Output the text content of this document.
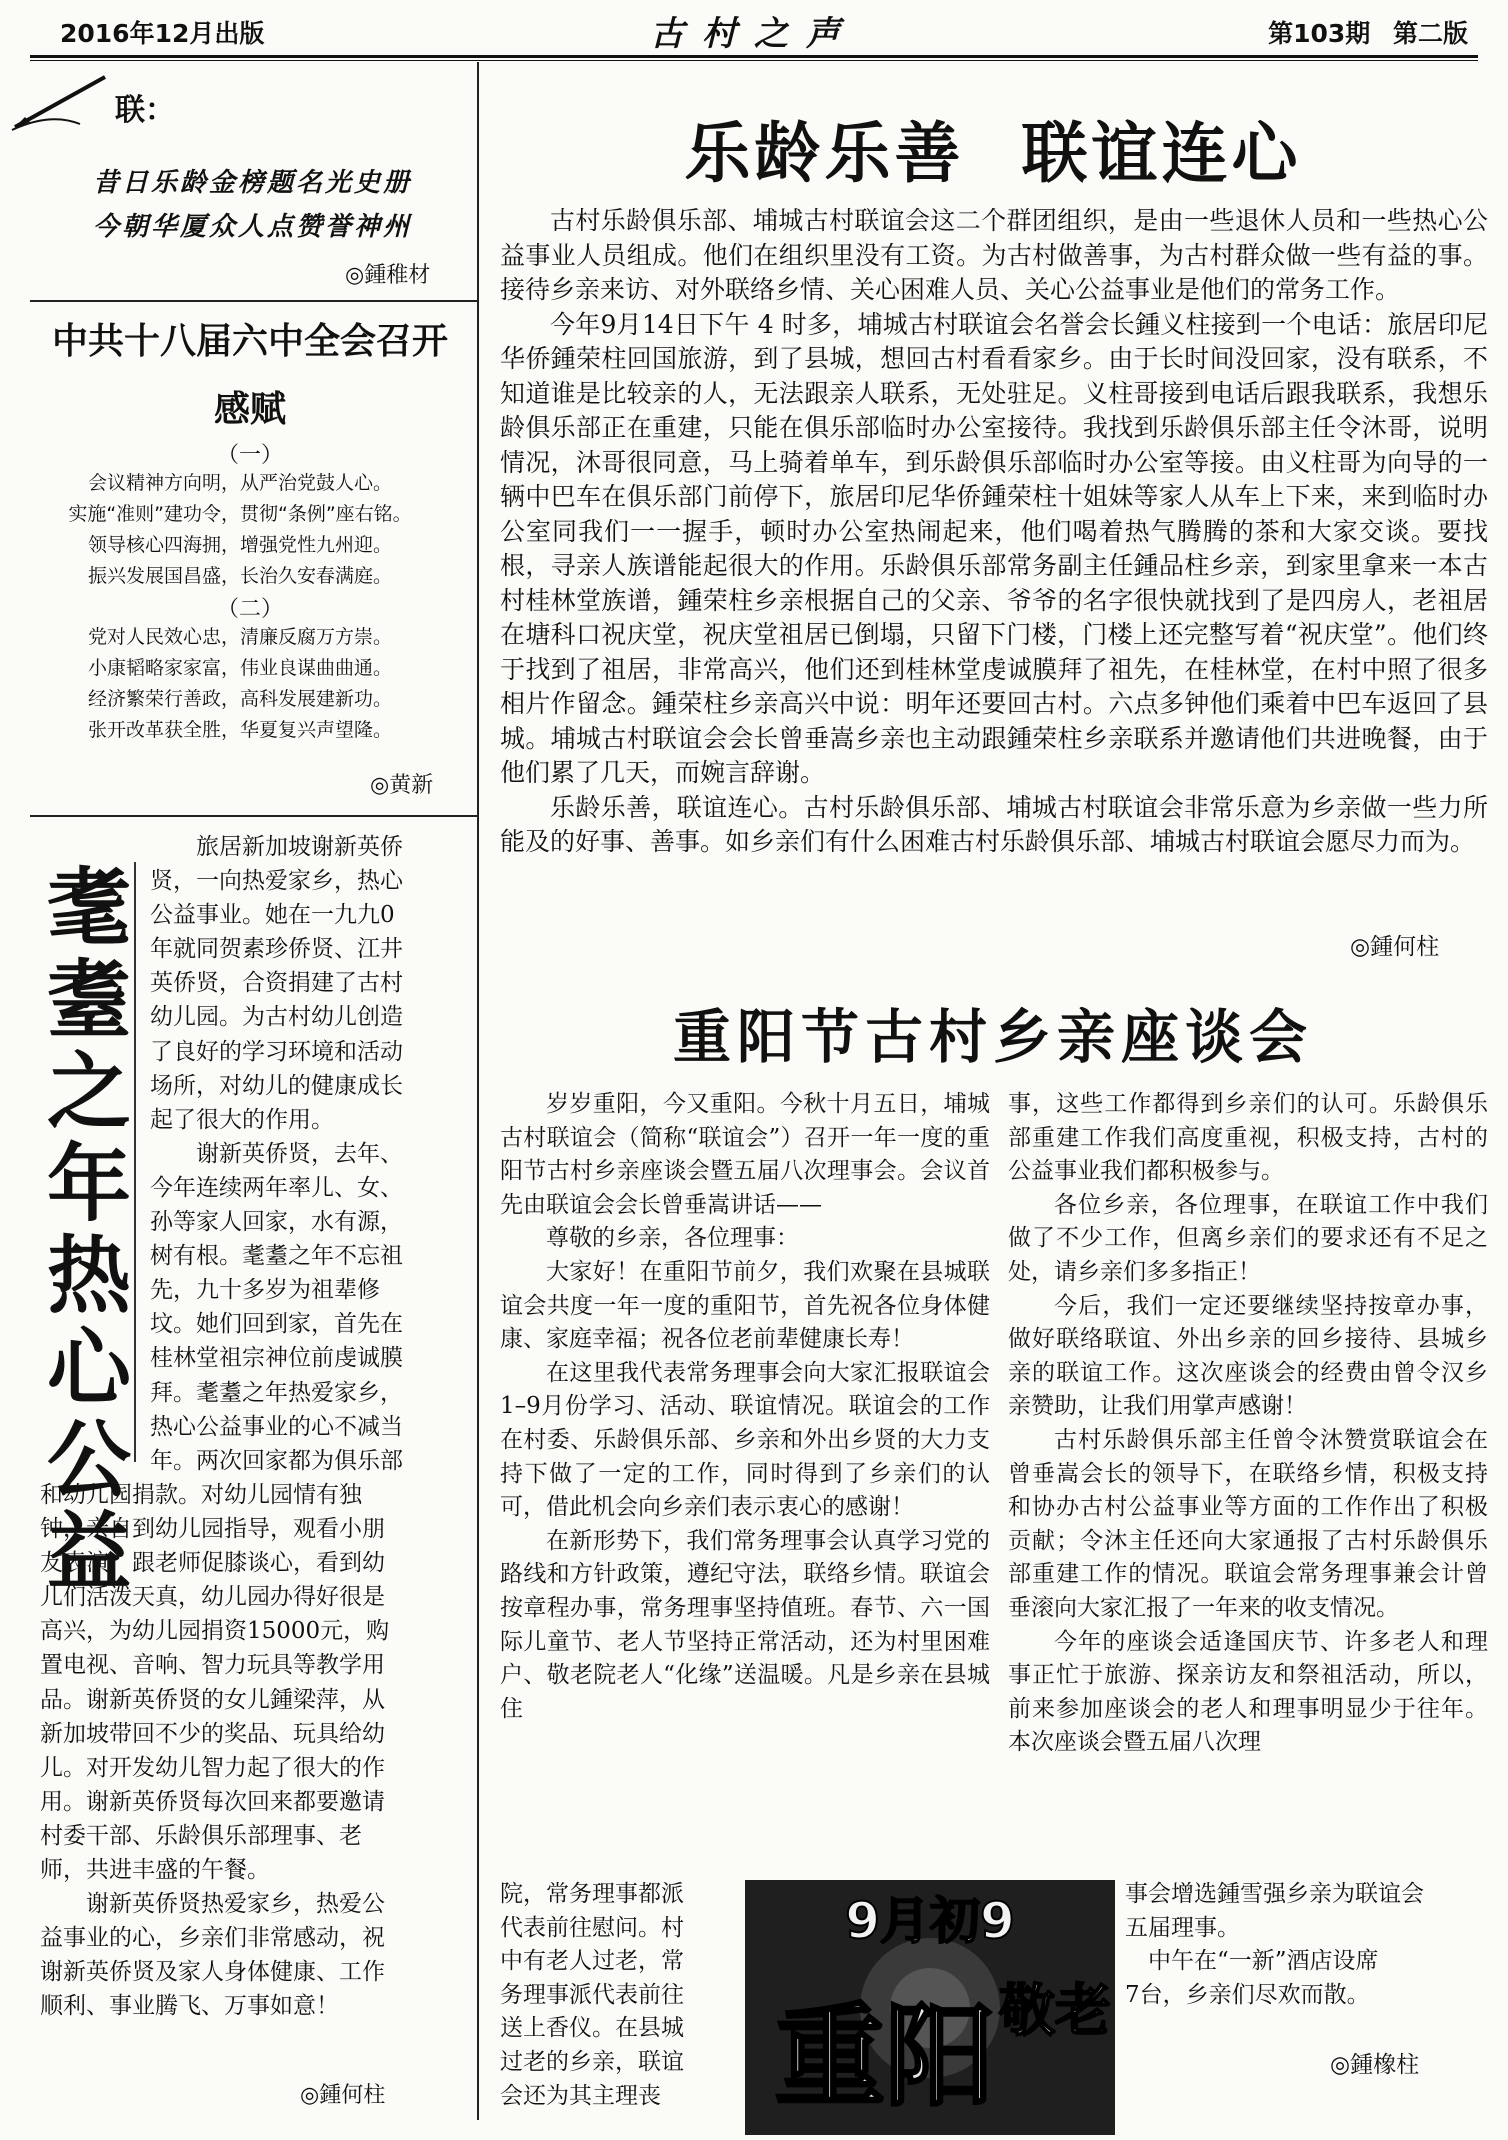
2016年12月出版	古村之声	第103期 第二版
联：
昔日乐龄金榜题名光史册
今朝华厦众人点赞誉神州
◎鍾稚材
中共十八届六中全会召开
感赋
（一）
会议精神方向明，从严治党鼓人心。
实施“准则”建功令，贯彻“条例”座右铭。
领导核心四海拥，增强党性九州迎。
振兴发展国昌盛，长治久安春满庭。
（二）
党对人民效心忠，清廉反腐万方崇。
小康韬略家家富，伟业良谋曲曲通。
经济繁荣行善政，高科发展建新功。
张开改革获全胜，华夏复兴声望隆。
◎黄新
耄
耋
之
年
热
心
公
益

旅居新加坡谢新英侨

贤，一向热爱家乡，热心

公益事业。她在一九九0

年就同贺素珍侨贤、江井

英侨贤，合资捐建了古村

幼儿园。为古村幼儿创造

了良好的学习环境和活动

场所，对幼儿的健康成长

起了很大的作用。

谢新英侨贤，去年、

今年连续两年率儿、女、

孙等家人回家，水有源，

树有根。耄耋之年不忘祖

先，九十多岁为祖辈修

坟。她们回到家，首先在

桂林堂祖宗神位前虔诚膜

拜。耄耋之年热爱家乡，

热心公益事业的心不减当

年。两次回家都为俱乐部

和幼儿园捐款。对幼儿园情有独

钟，亲自到幼儿园指导，观看小朋

友表演，跟老师促膝谈心，看到幼

儿们活泼天真，幼儿园办得好很是

高兴，为幼儿园捐资15000元，购

置电视、音响、智力玩具等教学用

品。谢新英侨贤的女儿鍾梁萍，从

新加坡带回不少的奖品、玩具给幼

儿。对开发幼儿智力起了很大的作

用。谢新英侨贤每次回来都要邀请

村委干部、乐龄俱乐部理事、老

师，共进丰盛的午餐。

谢新英侨贤热爱家乡，热爱公

益事业的心，乡亲们非常感动，祝

谢新英侨贤及家人身体健康、工作

顺利、事业腾飞、万事如意！

◎鍾何柱
乐龄乐善 联谊连心

古村乐龄俱乐部、埔城古村联谊会这二个群团组织，是由一些退休人员和一些热心公益事业人员组成。他们在组织里没有工资。为古村做善事，为古村群众做一些有益的事。接待乡亲来访、对外联络乡情、关心困难人员、关心公益事业是他们的常务工作。

今年9月14日下午 4 时多，埔城古村联谊会名誉会长鍾义柱接到一个电话：旅居印尼华侨鍾荣柱回国旅游，到了县城，想回古村看看家乡。由于长时间没回家，没有联系，不知道谁是比较亲的人，无法跟亲人联系，无处驻足。义柱哥接到电话后跟我联系，我想乐龄俱乐部正在重建，只能在俱乐部临时办公室接待。我找到乐龄俱乐部主任令沐哥，说明情况，沐哥很同意，马上骑着单车，到乐龄俱乐部临时办公室等接。由义柱哥为向导的一辆中巴车在俱乐部门前停下，旅居印尼华侨鍾荣柱十姐妹等家人从车上下来，来到临时办公室同我们一一握手，顿时办公室热闹起来，他们喝着热气腾腾的茶和大家交谈。要找根，寻亲人族谱能起很大的作用。乐龄俱乐部常务副主任鍾品柱乡亲，到家里拿来一本古村桂林堂族谱，鍾荣柱乡亲根据自己的父亲、爷爷的名字很快就找到了是四房人，老祖居在塘科口祝庆堂，祝庆堂祖居已倒塌，只留下门楼，门楼上还完整写着“祝庆堂”。他们终于找到了祖居，非常高兴，他们还到桂林堂虔诚膜拜了祖先，在桂林堂，在村中照了很多相片作留念。鍾荣柱乡亲高兴中说：明年还要回古村。六点多钟他们乘着中巴车返回了县城。埔城古村联谊会会长曾垂嵩乡亲也主动跟鍾荣柱乡亲联系并邀请他们共进晚餐，由于他们累了几天，而婉言辞谢。

乐龄乐善，联谊连心。古村乐龄俱乐部、埔城古村联谊会非常乐意为乡亲做一些力所能及的好事、善事。如乡亲们有什么困难古村乐龄俱乐部、埔城古村联谊会愿尽力而为。

◎鍾何柱
重阳节古村乡亲座谈会

岁岁重阳，今又重阳。今秋十月五日，埔城古村联谊会（简称“联谊会”）召开一年一度的重阳节古村乡亲座谈会暨五届八次理事会。会议首先由联谊会会长曾垂嵩讲话——

尊敬的乡亲，各位理事：

大家好！在重阳节前夕，我们欢聚在县城联谊会共度一年一度的重阳节，首先祝各位身体健康、家庭幸福；祝各位老前辈健康长寿！

在这里我代表常务理事会向大家汇报联谊会1–9月份学习、活动、联谊情况。联谊会的工作在村委、乐龄俱乐部、乡亲和外出乡贤的大力支持下做了一定的工作，同时得到了乡亲们的认可，借此机会向乡亲们表示衷心的感谢！

在新形势下，我们常务理事会认真学习党的路线和方针政策，遵纪守法，联络乡情。联谊会按章程办事，常务理事坚持值班。春节、六一国际儿童节、老人节坚持正常活动，还为村里困难户、敬老院老人“化缘”送温暖。凡是乡亲在县城住

院，常务理事都派

代表前往慰问。村

中有老人过老，常

务理事派代表前往

送上香仪。在县城

过老的乡亲，联谊

会还为其主理丧

事，这些工作都得到乡亲们的认可。乐龄俱乐部重建工作我们高度重视，积极支持，古村的公益事业我们都积极参与。

各位乡亲，各位理事，在联谊工作中我们做了不少工作，但离乡亲们的要求还有不足之处，请乡亲们多多指正！

今后，我们一定还要继续坚持按章办事，做好联络联谊、外出乡亲的回乡接待、县城乡亲的联谊工作。这次座谈会的经费由曾令汉乡亲赞助，让我们用掌声感谢！

古村乐龄俱乐部主任曾令沐赞赏联谊会在曾垂嵩会长的领导下，在联络乡情，积极支持和协办古村公益事业等方面的工作作出了积极贡献；令沐主任还向大家通报了古村乐龄俱乐部重建工作的情况。联谊会常务理事兼会计曾垂滚向大家汇报了一年来的收支情况。

今年的座谈会适逢国庆节、许多老人和理事正忙于旅游、探亲访友和祭祖活动，所以，前来参加座谈会的老人和理事明显少于往年。本次座谈会暨五届八次理

事会增选鍾雪强乡亲为联谊会

五届理事。

中午在“一新”酒店设席

7台，乡亲们尽欢而散。

◎鍾橡柱
9月初9
重阳 敬老
